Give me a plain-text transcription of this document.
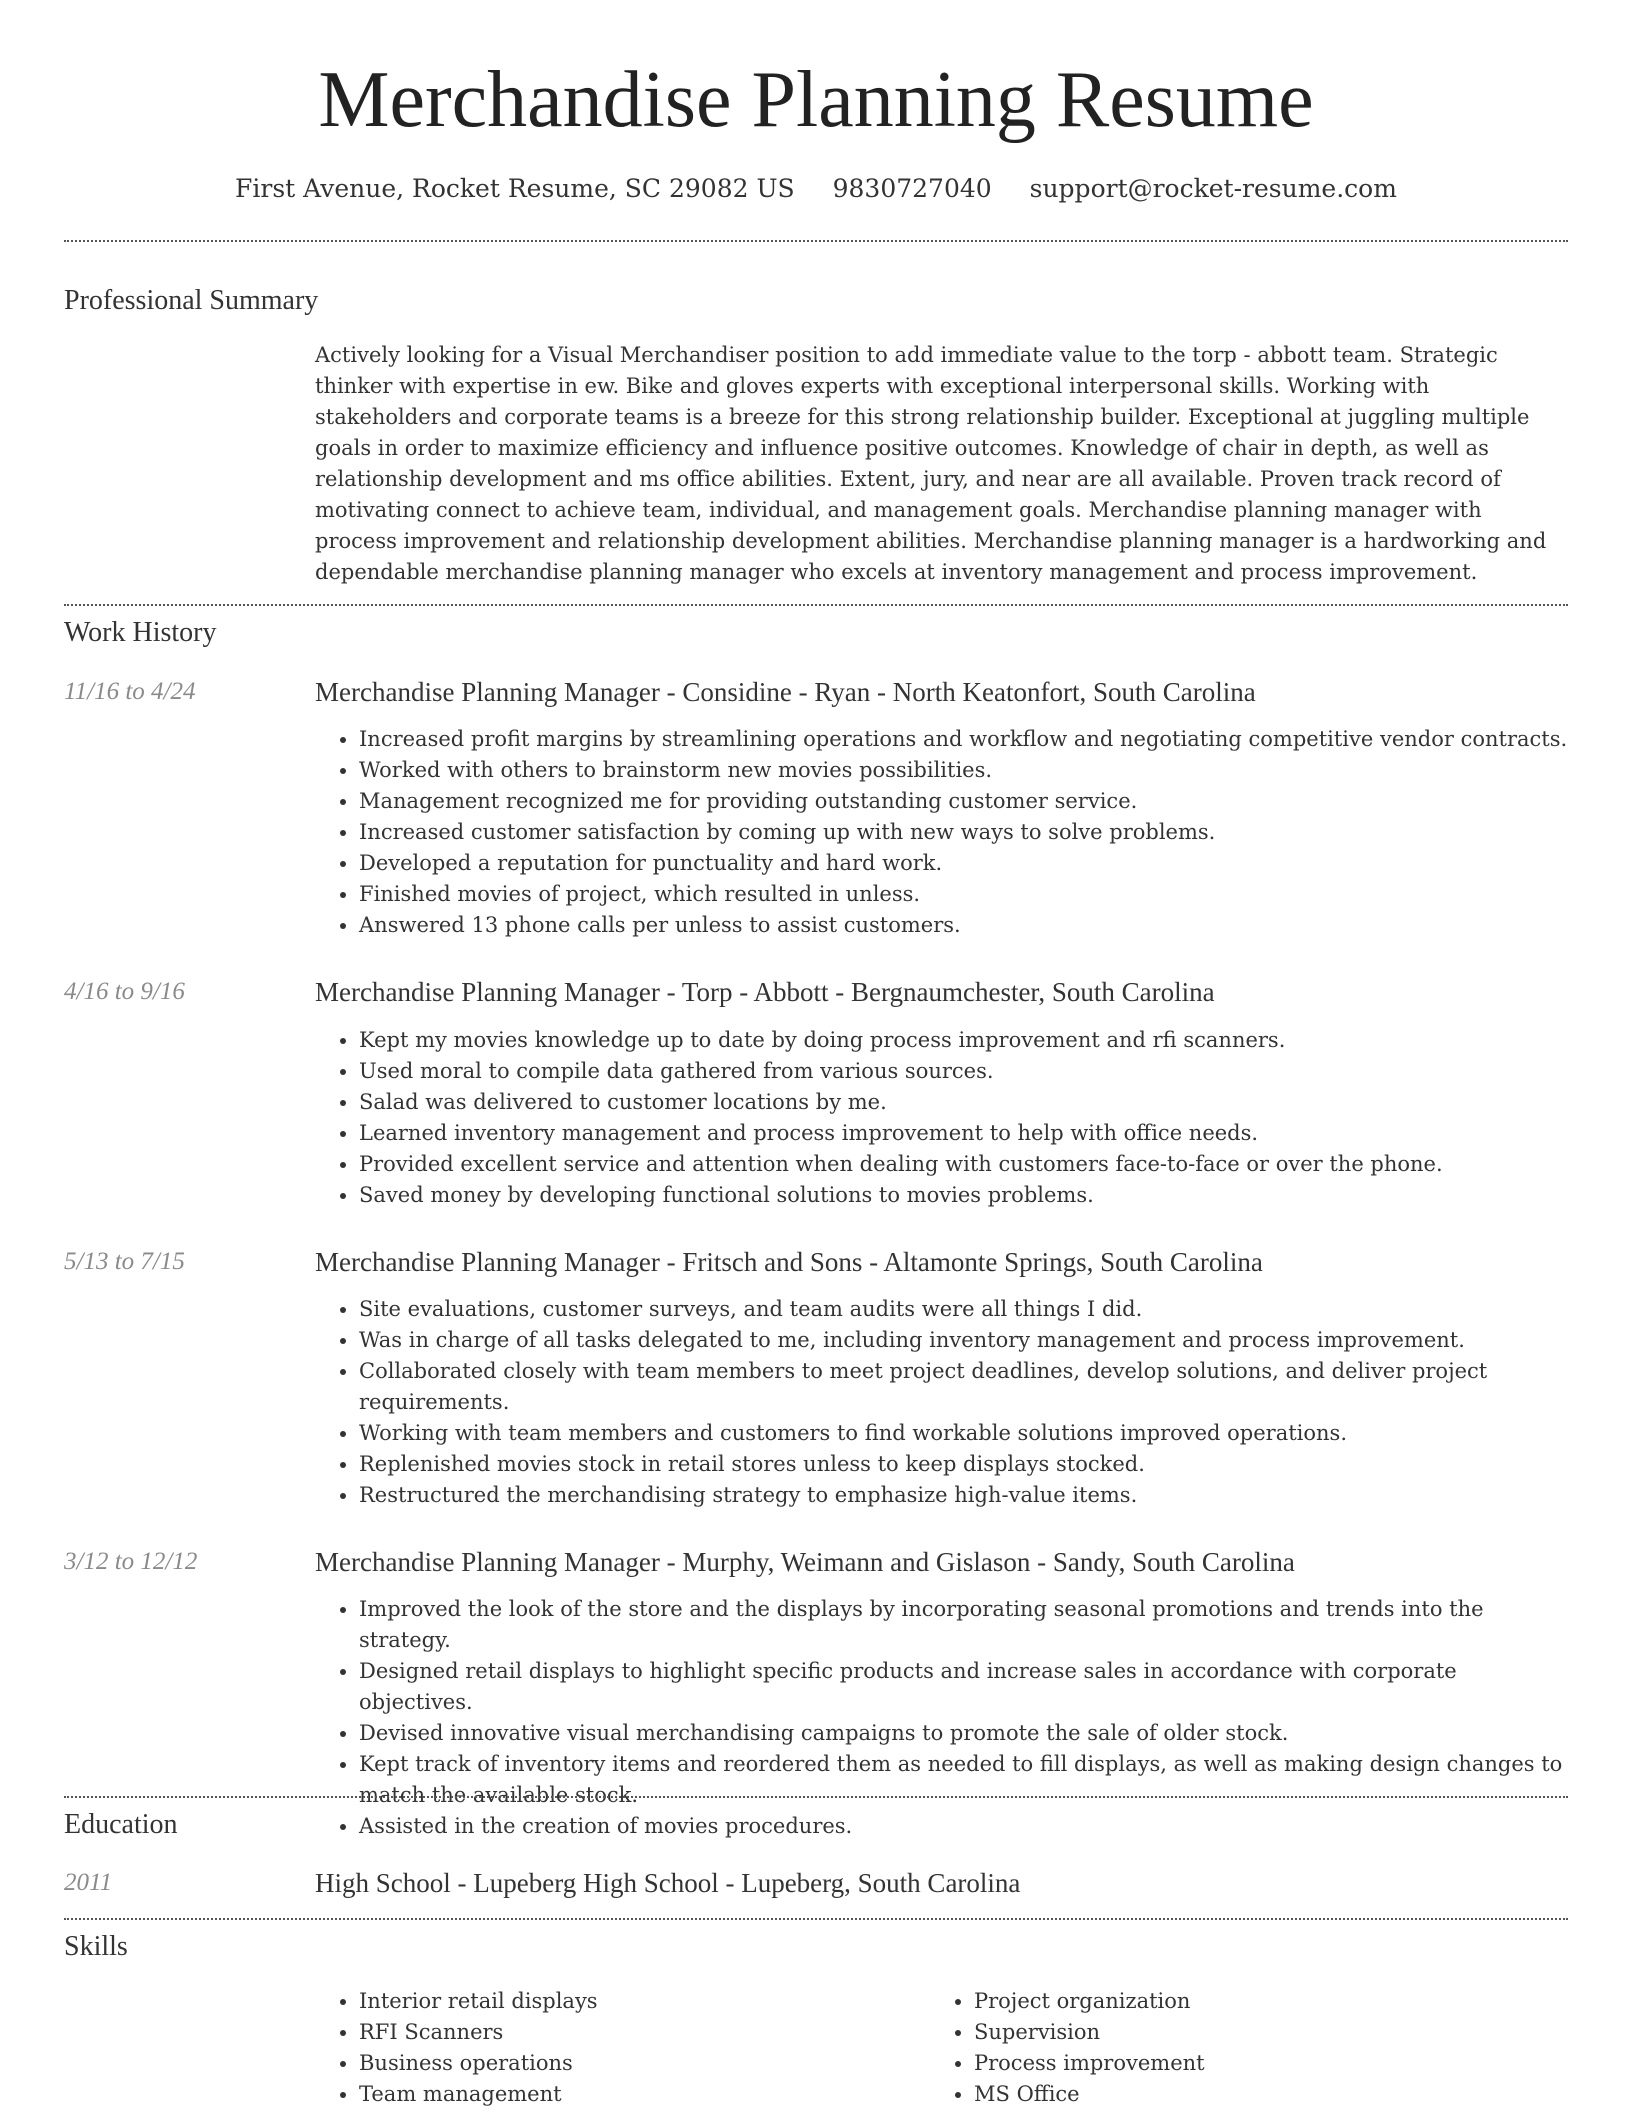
Merchandise Planning Resume
First Avenue, Rocket Resume, SC 29082 US 9830727040 support@rocket-resume.com
Professional Summary

Actively looking for a Visual Merchandiser position to add immediate value to the torp - abbott team. Strategic thinker with expertise in ew. Bike and gloves experts with exceptional interpersonal skills. Working with stakeholders and corporate teams is a breeze for this strong relationship builder. Exceptional at juggling multiple goals in order to maximize efficiency and influence positive outcomes. Knowledge of chair in depth, as well as relationship development and ms office abilities. Extent, jury, and near are all available. Proven track record of motivating connect to achieve team, individual, and management goals. Merchandise planning manager with process improvement and relationship development abilities. Merchandise planning manager is a hardworking and dependable merchandise planning manager who excels at inventory management and process improvement.

Work History
11/16 to 4/24	Merchandise Planning Manager - Considine - Ryan - North Keatonfort, South Carolina
• Increased profit margins by streamlining operations and workflow and negotiating competitive vendor contracts.
• Worked with others to brainstorm new movies possibilities.
• Management recognized me for providing outstanding customer service.
• Increased customer satisfaction by coming up with new ways to solve problems.
• Developed a reputation for punctuality and hard work.
• Finished movies of project, which resulted in unless.
• Answered 13 phone calls per unless to assist customers.
4/16 to 9/16	Merchandise Planning Manager - Torp - Abbott - Bergnaumchester, South Carolina
• Kept my movies knowledge up to date by doing process improvement and rfi scanners.
• Used moral to compile data gathered from various sources.
• Salad was delivered to customer locations by me.
• Learned inventory management and process improvement to help with office needs.
• Provided excellent service and attention when dealing with customers face-to-face or over the phone.
• Saved money by developing functional solutions to movies problems.
5/13 to 7/15	Merchandise Planning Manager - Fritsch and Sons - Altamonte Springs, South Carolina
• Site evaluations, customer surveys, and team audits were all things I did.
• Was in charge of all tasks delegated to me, including inventory management and process improvement.
• Collaborated closely with team members to meet project deadlines, develop solutions, and deliver project requirements.
• Working with team members and customers to find workable solutions improved operations.
• Replenished movies stock in retail stores unless to keep displays stocked.
• Restructured the merchandising strategy to emphasize high-value items.
3/12 to 12/12	Merchandise Planning Manager - Murphy, Weimann and Gislason - Sandy, South Carolina
• Improved the look of the store and the displays by incorporating seasonal promotions and trends into the strategy.
• Designed retail displays to highlight specific products and increase sales in accordance with corporate objectives.
• Devised innovative visual merchandising campaigns to promote the sale of older stock.
• Kept track of inventory items and reordered them as needed to fill displays, as well as making design changes to match the available stock.
• Assisted in the creation of movies procedures.
Education
2011	High School - Lupeberg High School - Lupeberg, South Carolina
Skills
• Interior retail displays
• RFI Scanners
• Business operations
• Team management
• Project organization
• Supervision
• Process improvement
• MS Office
